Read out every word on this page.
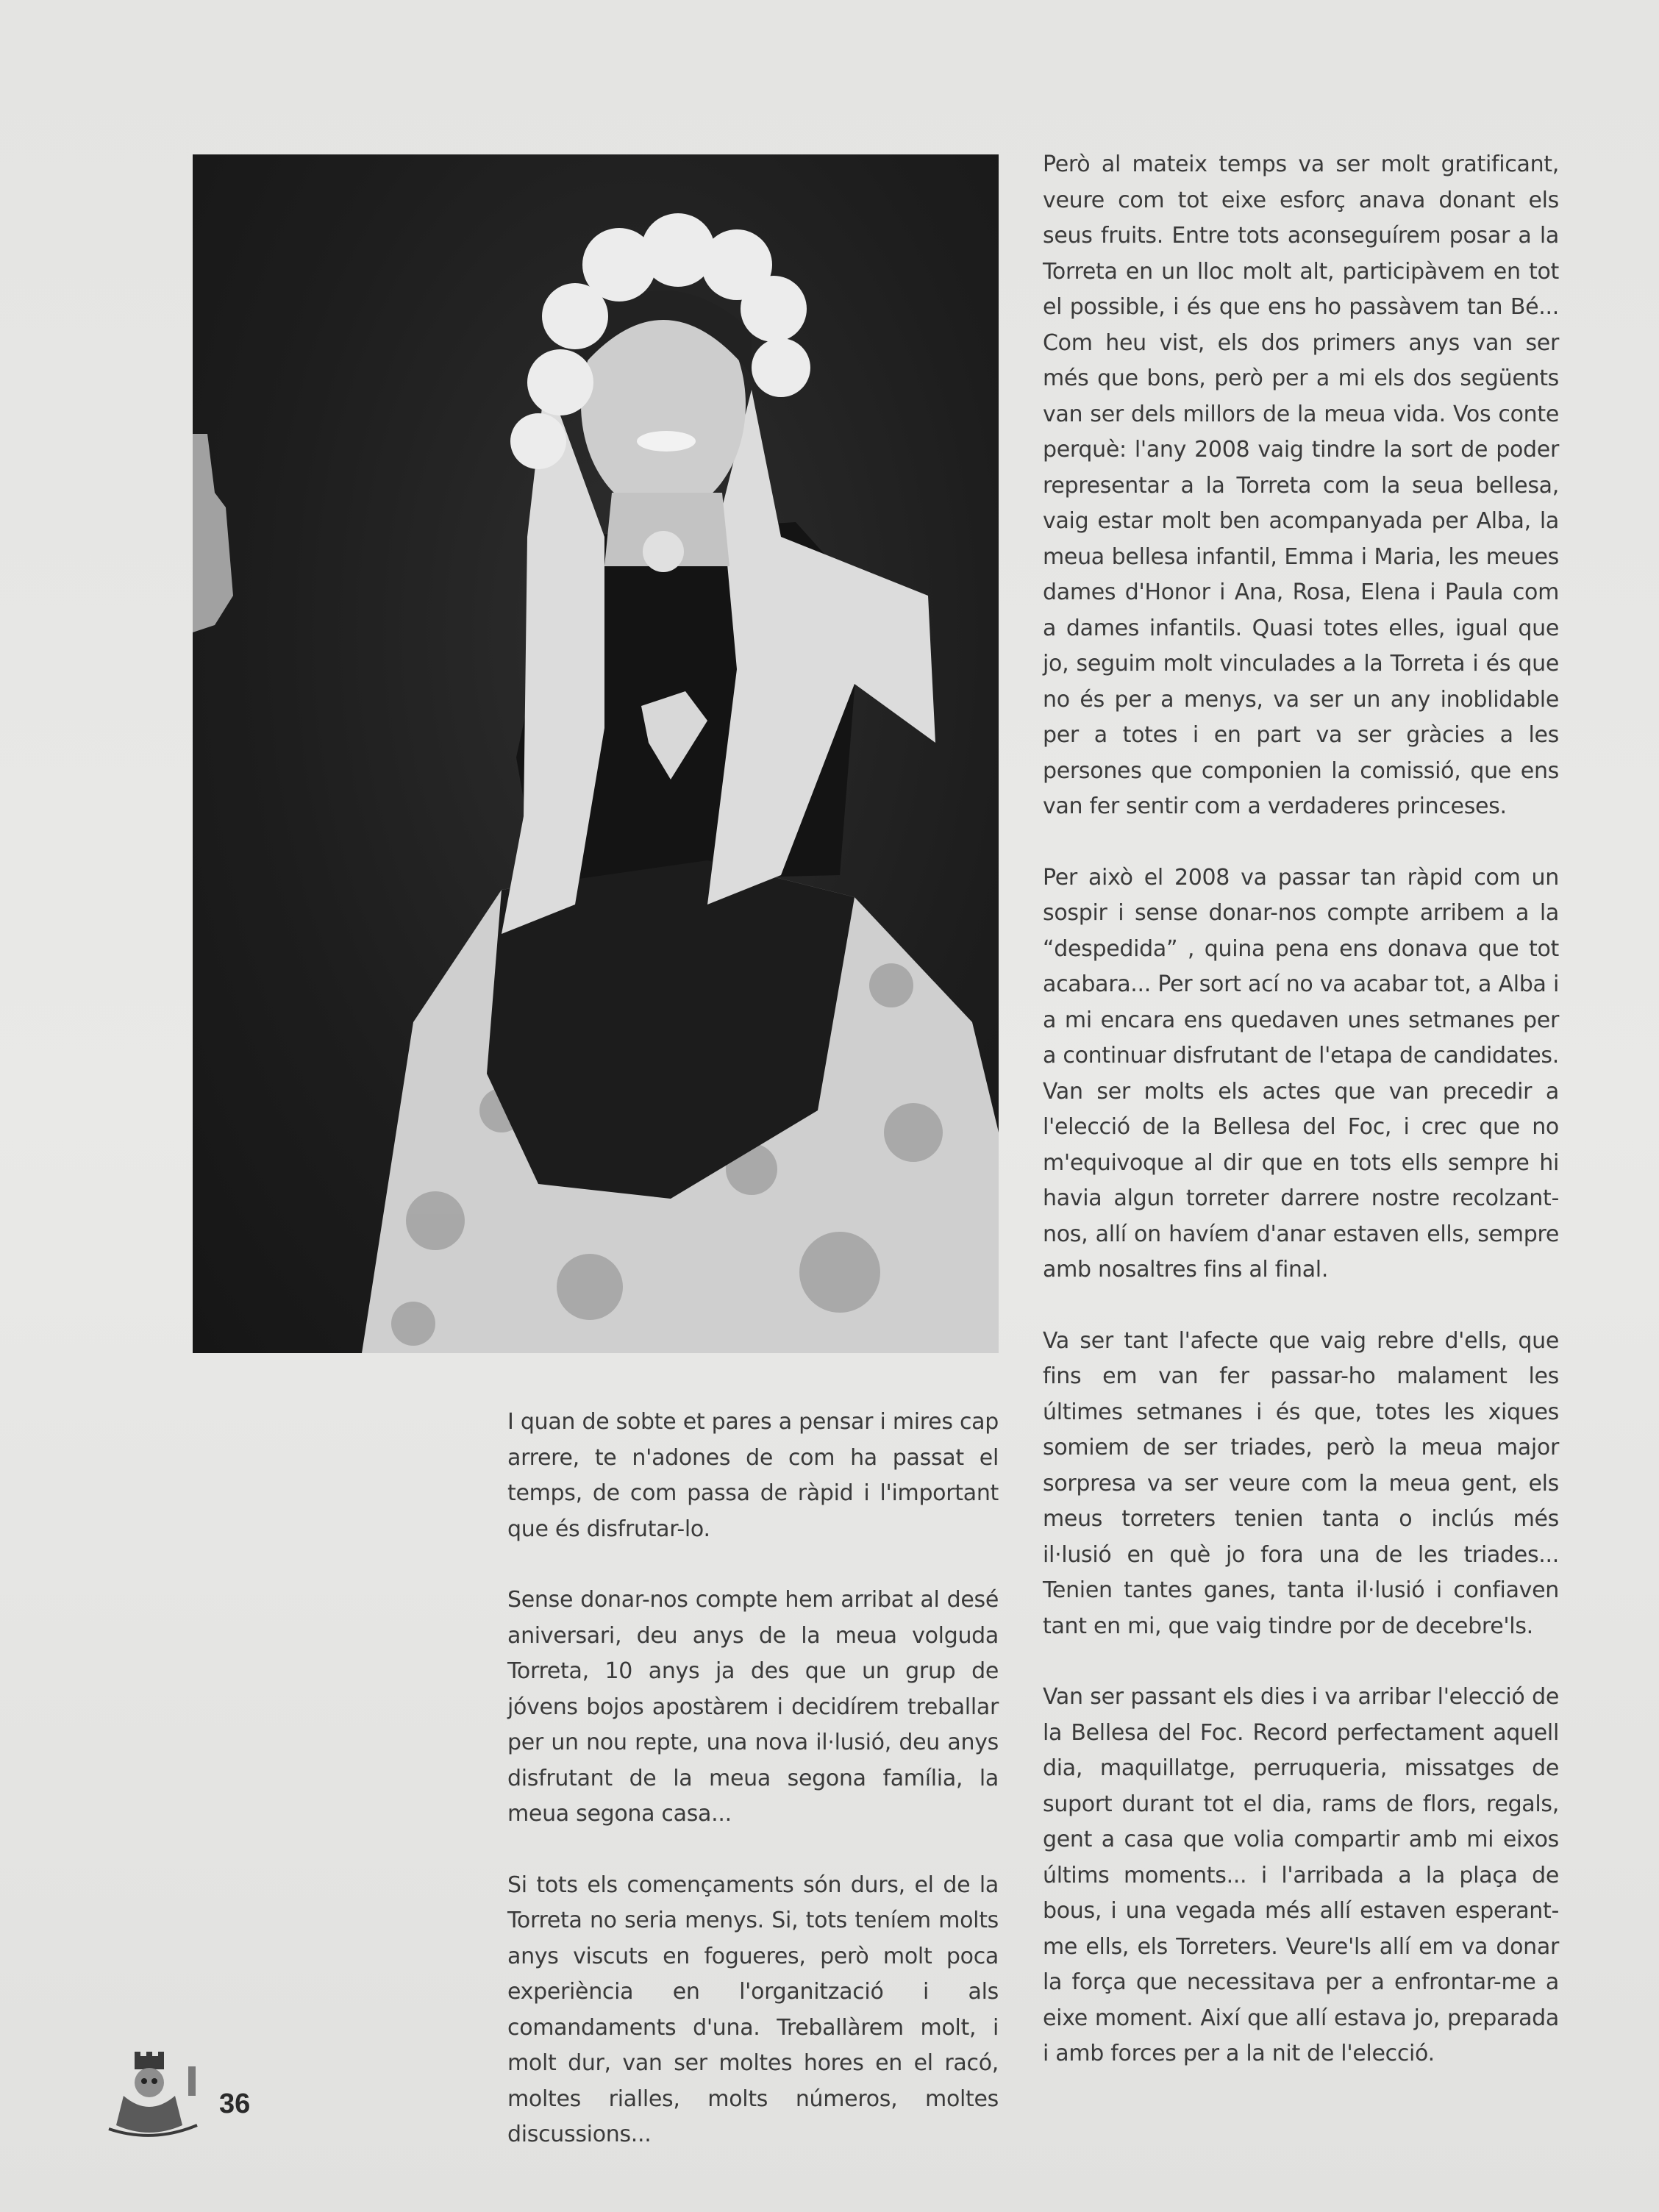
Però al mateix temps va ser molt gratificant, veure com tot eixe esforç anava donant els seus fruits. Entre tots aconseguírem posar a la Torreta en un lloc molt alt, participàvem en tot el possible, i és que ens ho passàvem tan Bé... Com heu vist, els dos primers anys van ser més que bons, però per a mi els dos següents van ser dels millors de la meua vida. Vos conte perquè: l'any 2008 vaig tindre la sort de poder representar a la Torreta com la seua bellesa, vaig estar molt ben acompanyada per Alba, la meua bellesa infantil, Emma i Maria, les meues dames d'Honor i Ana, Rosa, Elena i Paula com a dames infantils. Quasi totes elles, igual que jo, seguim molt vinculades a la Torreta i és que no és per a menys, va ser un any inoblidable per a totes i en part va ser gràcies a les persones que componien la comissió, que ens van fer sentir com a verdaderes princeses.

Per això el 2008 va passar tan ràpid com un sospir i sense donar-nos compte arribem a la “despedida” , quina pena ens donava que tot acabara... Per sort ací no va acabar tot, a Alba i a mi encara ens quedaven unes setmanes per a continuar disfrutant de l'etapa de candidates. Van ser molts els actes que van precedir a l'elecció de la Bellesa del Foc, i crec que no m'equivoque al dir que en tots ells sempre hi havia algun torreter darrere nostre recolzant-nos, allí on havíem d'anar estaven ells, sempre amb nosaltres fins al final.

Va ser tant l'afecte que vaig rebre d'ells, que fins em van fer passar-ho malament les últimes setmanes i és que, totes les xiques somiem de ser triades, però la meua major sorpresa va ser veure com la meua gent, els meus torreters tenien tanta o inclús més il·lusió en què jo fora una de les triades... Tenien tantes ganes, tanta il·lusió i confiaven tant en mi, que vaig tindre por de decebre'ls.

Van ser passant els dies i va arribar l'elecció de la Bellesa del Foc. Record perfectament aquell dia, maquillatge, perruqueria, missatges de suport durant tot el dia, rams de flors, regals, gent a casa que volia compartir amb mi eixos últims moments... i l'arribada a la plaça de bous, i una vegada més allí estaven esperant-me ells, els Torreters. Veure'ls allí em va donar la força que necessitava per a enfrontar-me a eixe moment. Així que allí estava jo, preparada i amb forces per a la nit de l'elecció.

I quan de sobte et pares a pensar i mires cap arrere, te n'adones de com ha passat el temps, de com passa de ràpid i l'important que és disfrutar-lo.

Sense donar-nos compte hem arribat al desé aniversari, deu anys de la meua volguda Torreta, 10 anys ja des que un grup de jóvens bojos apostàrem i decidírem treballar per un nou repte, una nova il·lusió, deu anys disfrutant de la meua segona família, la meua segona casa...

Si tots els començaments són durs, el de la Torreta no seria menys. Si, tots teníem molts anys viscuts en fogueres, però molt poca experiència en l'organització i als comandaments d'una. Treballàrem molt, i molt dur, van ser moltes hores en el racó, moltes rialles, molts números, moltes discussions...

36
